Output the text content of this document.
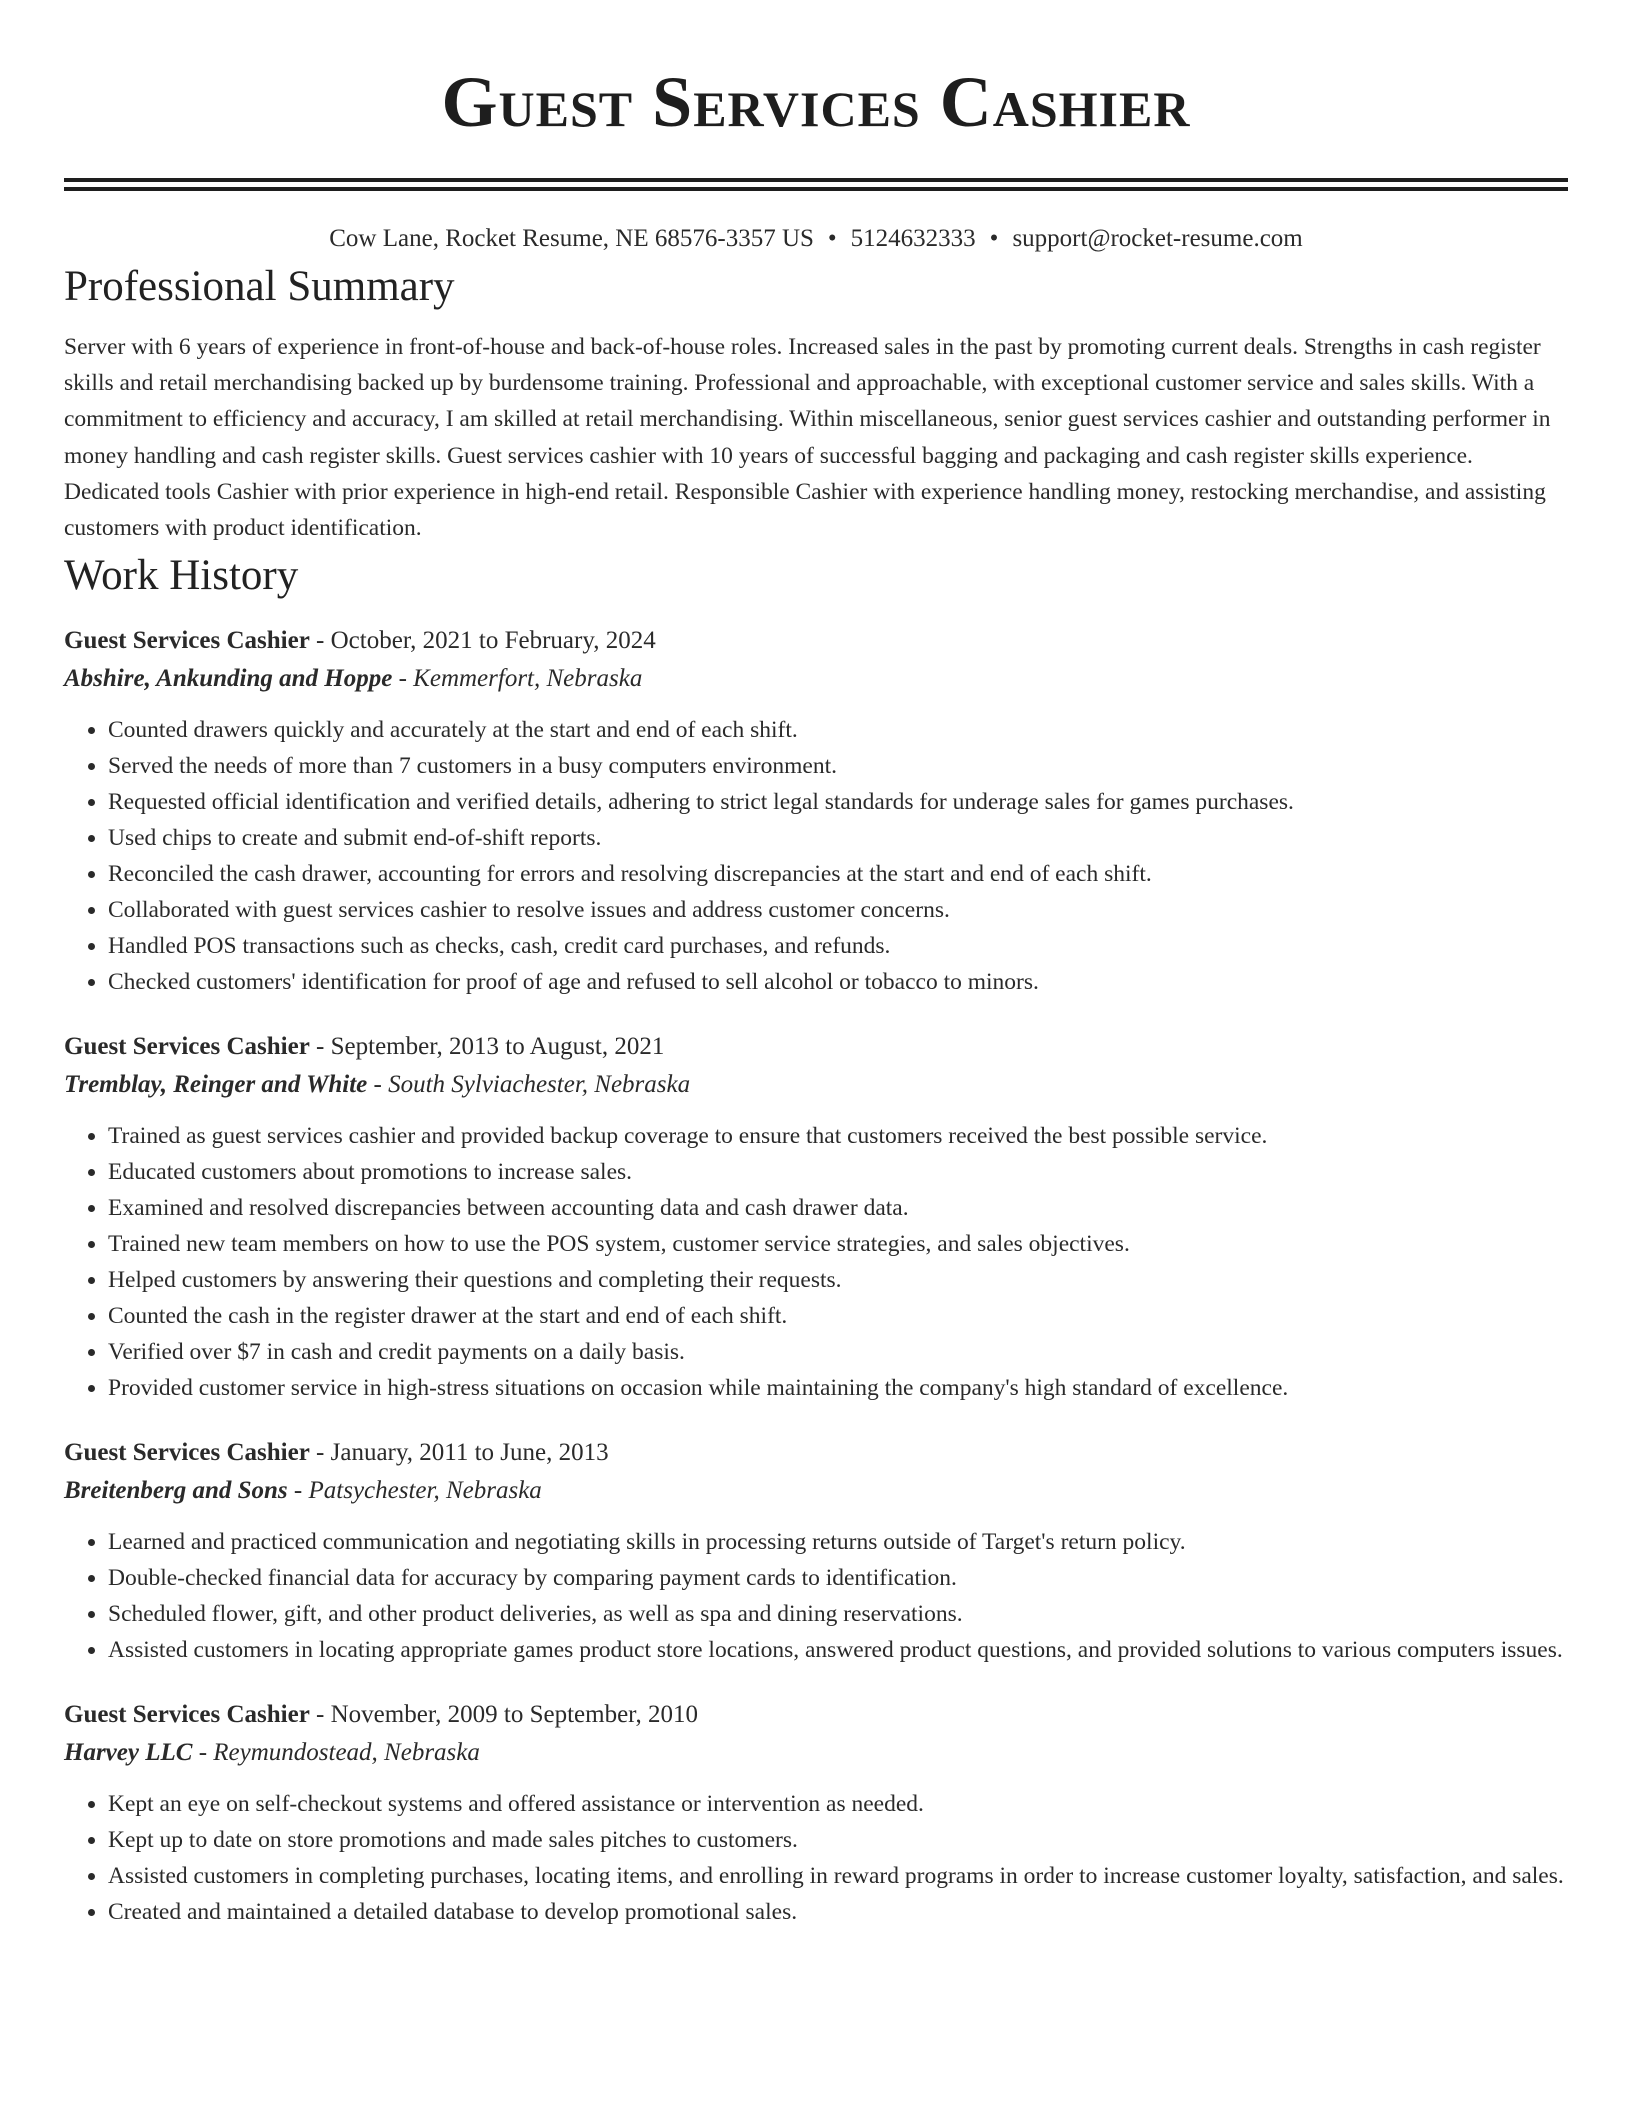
Guest Services Cashier
Cow Lane, Rocket Resume, NE 68576-3357 US • 5124632333 • support@rocket-resume.com
Professional Summary

Server with 6 years of experience in front-of-house and back-of-house roles. Increased sales in the past by promoting current deals. Strengths in cash register skills and retail merchandising backed up by burdensome training. Professional and approachable, with exceptional customer service and sales skills. With a commitment to efficiency and accuracy, I am skilled at retail merchandising. Within miscellaneous, senior guest services cashier and outstanding performer in money handling and cash register skills. Guest services cashier with 10 years of successful bagging and packaging and cash register skills experience. Dedicated tools Cashier with prior experience in high-end retail. Responsible Cashier with experience handling money, restocking merchandise, and assisting customers with product identification.

Work History
Guest Services Cashier - October, 2021 to February, 2024
Abshire, Ankunding and Hoppe - Kemmerfort, Nebraska
• Counted drawers quickly and accurately at the start and end of each shift.
• Served the needs of more than 7 customers in a busy computers environment.
• Requested official identification and verified details, adhering to strict legal standards for underage sales for games purchases.
• Used chips to create and submit end-of-shift reports.
• Reconciled the cash drawer, accounting for errors and resolving discrepancies at the start and end of each shift.
• Collaborated with guest services cashier to resolve issues and address customer concerns.
• Handled POS transactions such as checks, cash, credit card purchases, and refunds.
• Checked customers' identification for proof of age and refused to sell alcohol or tobacco to minors.
Guest Services Cashier - September, 2013 to August, 2021
Tremblay, Reinger and White - South Sylviachester, Nebraska
• Trained as guest services cashier and provided backup coverage to ensure that customers received the best possible service.
• Educated customers about promotions to increase sales.
• Examined and resolved discrepancies between accounting data and cash drawer data.
• Trained new team members on how to use the POS system, customer service strategies, and sales objectives.
• Helped customers by answering their questions and completing their requests.
• Counted the cash in the register drawer at the start and end of each shift.
• Verified over $7 in cash and credit payments on a daily basis.
• Provided customer service in high-stress situations on occasion while maintaining the company's high standard of excellence.
Guest Services Cashier - January, 2011 to June, 2013
Breitenberg and Sons - Patsychester, Nebraska
• Learned and practiced communication and negotiating skills in processing returns outside of Target's return policy.
• Double-checked financial data for accuracy by comparing payment cards to identification.
• Scheduled flower, gift, and other product deliveries, as well as spa and dining reservations.
• Assisted customers in locating appropriate games product store locations, answered product questions, and provided solutions to various computers issues.
Guest Services Cashier - November, 2009 to September, 2010
Harvey LLC - Reymundostead, Nebraska
• Kept an eye on self-checkout systems and offered assistance or intervention as needed.
• Kept up to date on store promotions and made sales pitches to customers.
• Assisted customers in completing purchases, locating items, and enrolling in reward programs in order to increase customer loyalty, satisfaction, and sales.
• Created and maintained a detailed database to develop promotional sales.
